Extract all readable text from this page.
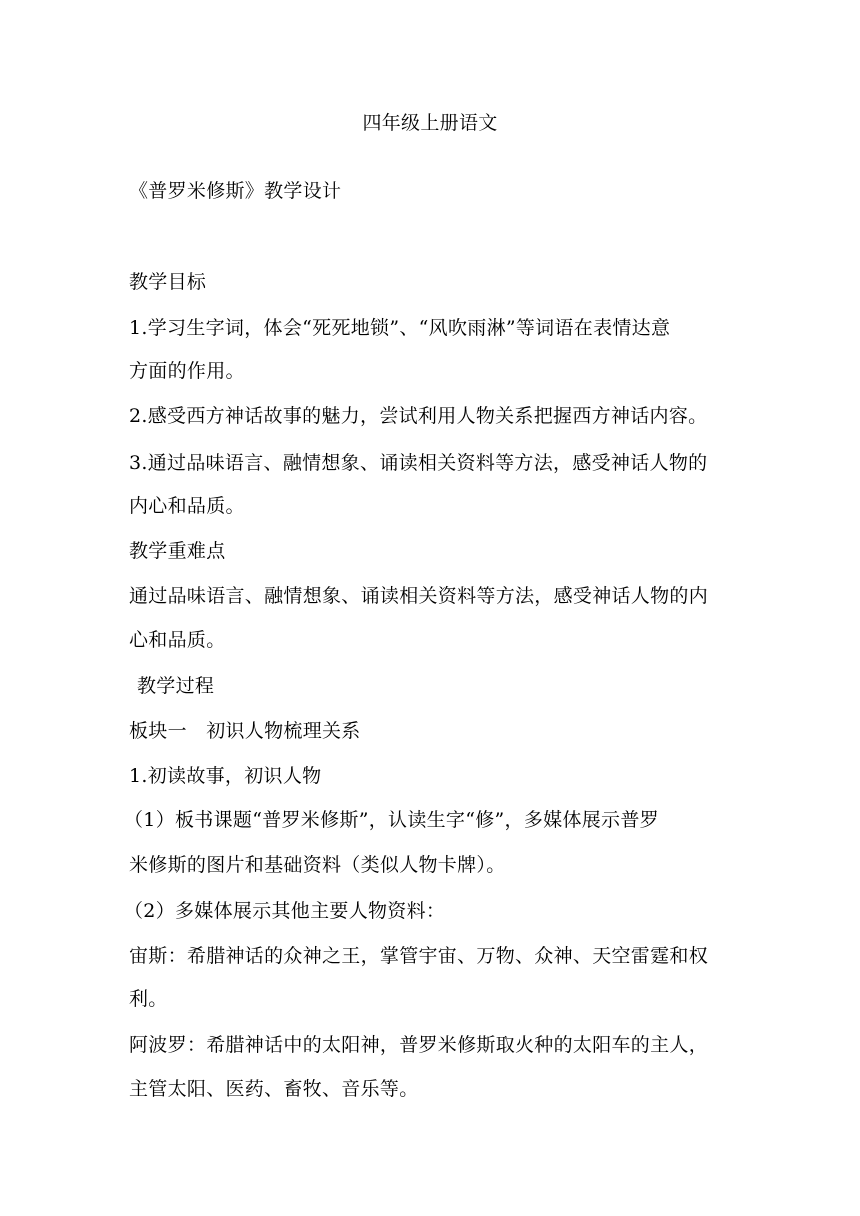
四年级上册语文
《普罗米修斯》教学设计
教学目标
1.学习生字词，体会“死死地锁”、“风吹雨淋”等词语在表情达意
方面的作用。
2.感受西方神话故事的魅力，尝试利用人物关系把握西方神话内容。
3.通过品味语言、融情想象、诵读相关资料等方法，感受神话人物的
内心和品质。
教学重难点
通过品味语言、融情想象、诵读相关资料等方法，感受神话人物的内
心和品质。
教学过程
板块一　初识人物梳理关系
1.初读故事，初识人物
（1）板书课题“普罗米修斯”，认读生字“修”，多媒体展示普罗
米修斯的图片和基础资料（类似人物卡牌）。
（2）多媒体展示其他主要人物资料：
宙斯：希腊神话的众神之王，掌管宇宙、万物、众神、天空雷霆和权
利。
阿波罗：希腊神话中的太阳神，普罗米修斯取火种的太阳车的主人，
主管太阳、医药、畜牧、音乐等。
